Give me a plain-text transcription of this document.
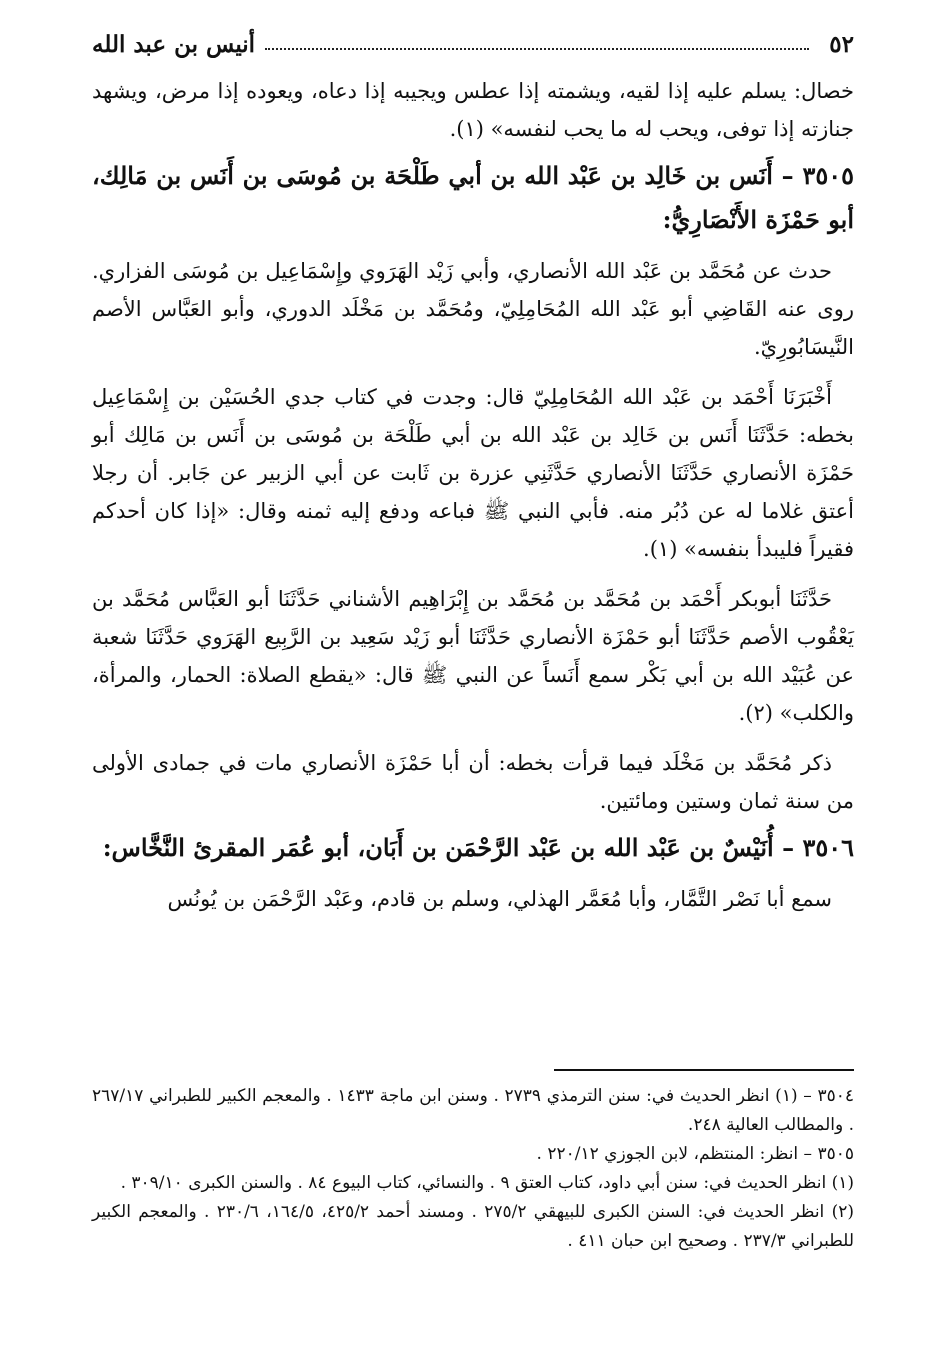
٥٢
أنيس بن عبد الله

خصال: يسلم عليه إذا لقيه، ويشمته إذا عطس ويجيبه إذا دعاه، ويعوده إذا مرض، ويشهد جنازته إذا توفى، ويحب له ما يحب لنفسه» (١).

٣٥٠٥ – أَنَس بن خَالِد بن عَبْد الله بن أبي طَلْحَة بن مُوسَى بن أَنَس بن مَالِك، أبو حَمْزَة الأَنْصَارِيُّ:

حدث عن مُحَمَّد بن عَبْد الله الأنصاري، وأبي زَيْد الهَرَوي وإِسْمَاعِيل بن مُوسَى الفزاري. روى عنه القَاضِي أبو عَبْد الله المُحَامِلِيّ، ومُحَمَّد بن مَخْلَد الدوري، وأبو العَبَّاس الأصم النَّيسَابُورِيّ.

أَخْبَرَنَا أَحْمَد بن عَبْد الله المُحَامِلِيّ قال: وجدت في كتاب جدي الحُسَيْن بن إِسْمَاعِيل بخطه: حَدَّثَنَا أَنَس بن خَالِد بن عَبْد الله بن أبي طَلْحَة بن مُوسَى بن أَنَس بن مَالِك أبو حَمْزَة الأنصاري حَدَّثَنَا الأنصاري حَدَّثَنِي عزرة بن ثَابت عن أبي الزبير عن جَابر. أن رجلا أعتق غلاما له عن دُبُر منه. فأبي النبي ﷺ فباعه ودفع إليه ثمنه وقال: «إذا كان أحدكم فقيراً فليبدأ بنفسه» (١).

حَدَّثَنَا أبوبكر أَحْمَد بن مُحَمَّد بن مُحَمَّد بن إِبْرَاهِيم الأشناني حَدَّثَنَا أبو العَبَّاس مُحَمَّد بن يَعْقُوب الأصم حَدَّثَنَا أبو حَمْزَة الأنصاري حَدَّثَنَا أبو زَيْد سَعِيد بن الرَّبِيع الهَرَوي حَدَّثَنَا شعبة عن عُبَيْد الله بن أبي بَكْر سمع أَنَساً عن النبي ﷺ قال: «يقطع الصلاة: الحمار، والمرأة، والكلب» (٢).

ذكر مُحَمَّد بن مَخْلَد فيما قرأت بخطه: أن أبا حَمْزَة الأنصاري مات في جمادى الأولى من سنة ثمان وستين ومائتين.

٣٥٠٦ – أُنَيْسٌ بن عَبْد الله بن عَبْد الرَّحْمَن بن أَبَان، أبو عُمَر المقرئ النَّخَّاس:

سمع أبا نَصْر التَّمَّار، وأبا مُعَمَّر الهذلي، وسلم بن قادم، وعَبْد الرَّحْمَن بن يُونُس

٣٥٠٤ – (١) انظر الحديث في: سنن الترمذي ٢٧٣٩ . وسنن ابن ماجة ١٤٣٣ . والمعجم الكبير للطبراني ٢٦٧/١٧ . والمطالب العالية ٢٤٨.

٣٥٠٥ – انظر: المنتظم، لابن الجوزي ٢٢٠/١٢ .

(١) انظر الحديث في: سنن أبي داود، كتاب العتق ٩ . والنسائي، كتاب البيوع ٨٤ . والسنن الكبرى ٣٠٩/١٠ .

(٢) انظر الحديث في: السنن الكبرى للبيهقي ٢٧٥/٢ . ومسند أحمد ٤٢٥/٢، ١٦٤/٥، ٢٣٠/٦ . والمعجم الكبير للطبراني ٢٣٧/٣ . وصحيح ابن حبان ٤١١ .
